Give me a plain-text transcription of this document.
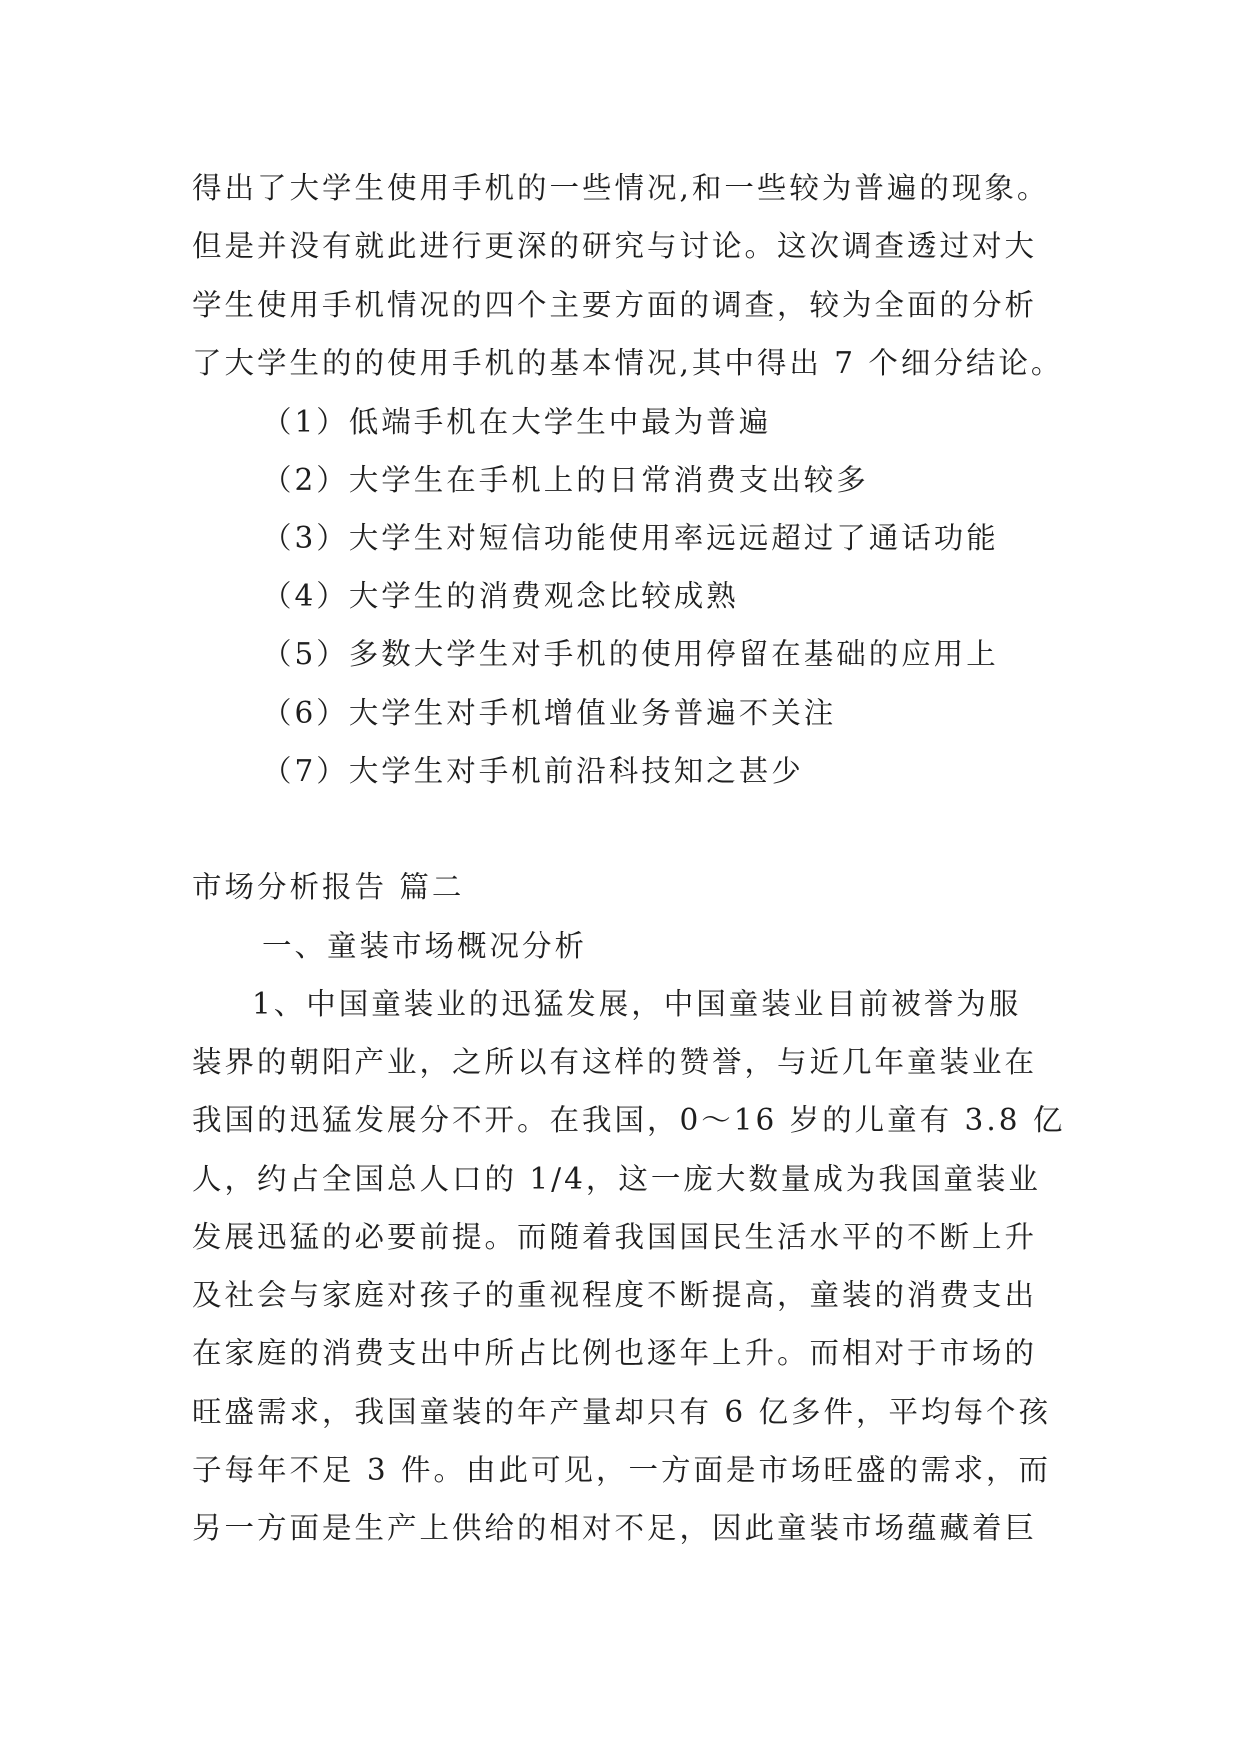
得出了大学生使用手机的一些情况,和一些较为普遍的现象。
但是并没有就此进行更深的研究与讨论。这次调查透过对大
学生使用手机情况的四个主要方面的调查，较为全面的分析
了大学生的的使用手机的基本情况,其中得出 7 个细分结论。
（1）低端手机在大学生中最为普遍
（2）大学生在手机上的日常消费支出较多
（3）大学生对短信功能使用率远远超过了通话功能
（4）大学生的消费观念比较成熟
（5）多数大学生对手机的使用停留在基础的应用上
（6）大学生对手机增值业务普遍不关注
（7）大学生对手机前沿科技知之甚少
市场分析报告 篇二
一、童装市场概况分析
1、中国童装业的迅猛发展，中国童装业目前被誉为服
装界的朝阳产业，之所以有这样的赞誉，与近几年童装业在
我国的迅猛发展分不开。在我国，0～16 岁的儿童有 3.8 亿
人，约占全国总人口的 1/4，这一庞大数量成为我国童装业
发展迅猛的必要前提。而随着我国国民生活水平的不断上升
及社会与家庭对孩子的重视程度不断提高，童装的消费支出
在家庭的消费支出中所占比例也逐年上升。而相对于市场的
旺盛需求，我国童装的年产量却只有 6 亿多件，平均每个孩
子每年不足 3 件。由此可见，一方面是市场旺盛的需求，而
另一方面是生产上供给的相对不足，因此童装市场蕴藏着巨
